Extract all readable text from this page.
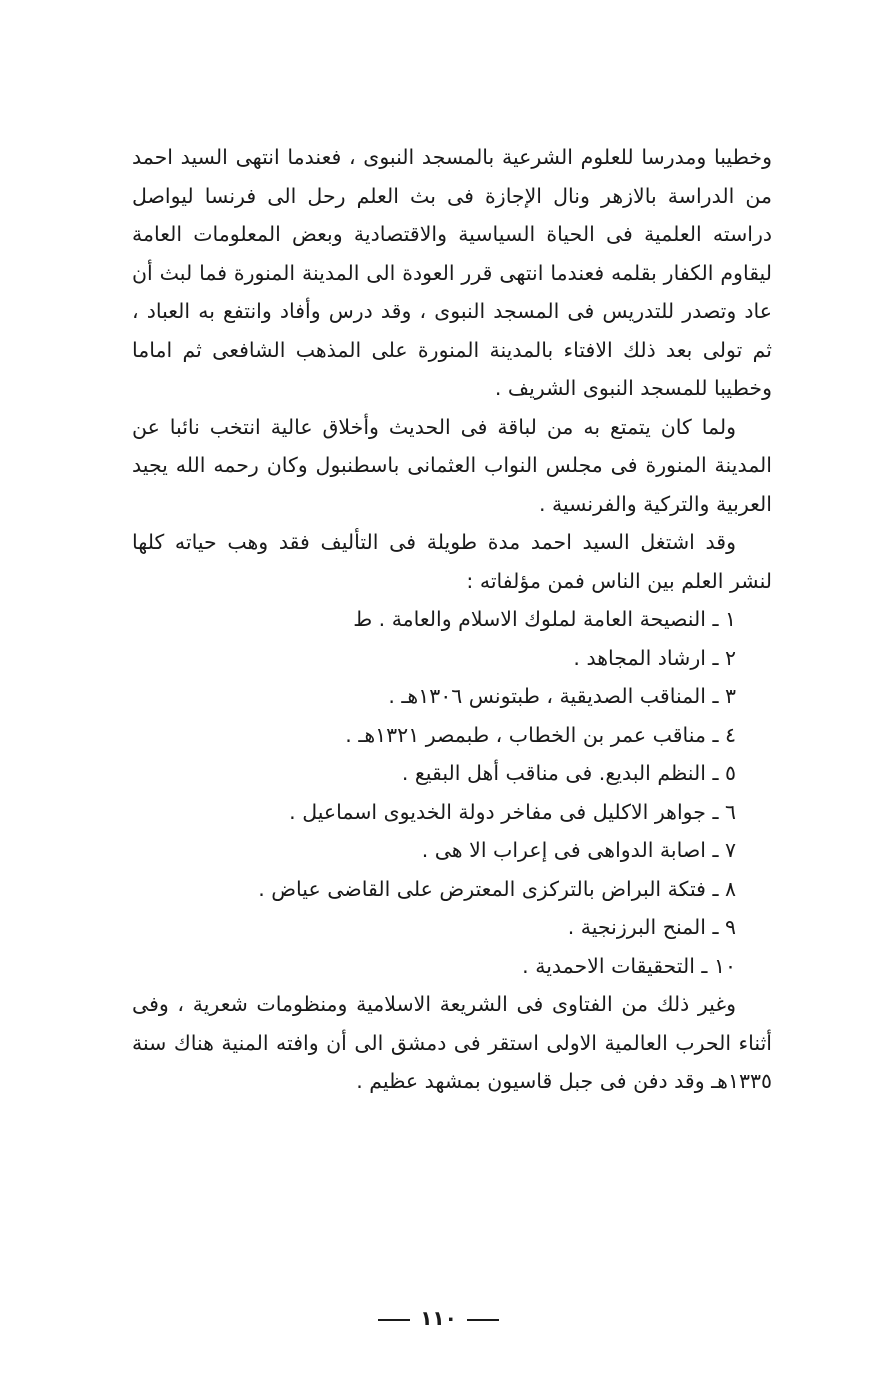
وخطيبا ومدرسا للعلوم الشرعية بالمسجد النبوى ، فعندما انتهى السيد احمد من الدراسة بالازهر ونال الإجازة فى بث العلم رحل الى فرنسا ليواصل دراسته العلمية فى الحياة السياسية والاقتصادية وبعض المعلومات العامة ليقاوم الكفار بقلمه فعندما انتهى قرر العودة الى المدينة المنورة فما لبث أن عاد وتصدر للتدريس فى المسجد النبوى ، وقد درس وأفاد وانتفع به العباد ، ثم تولى بعد ذلك الافتاء بالمدينة المنورة على المذهب الشافعى ثم اماما وخطيبا للمسجد النبوى الشريف .

ولما كان يتمتع به من لباقة فى الحديث وأخلاق عالية انتخب نائبا عن المدينة المنورة فى مجلس النواب العثمانى باسطنبول وكان رحمه الله يجيد العربية والتركية والفرنسية .

وقد اشتغل السيد احمد مدة طويلة فى التأليف فقد وهب حياته كلها لنشر العلم بين الناس فمن مؤلفاته :

١ ـ النصيحة العامة لملوك الاسلام والعامة . ط
٢ ـ ارشاد المجاهد .
٣ ـ المناقب الصديقية ، طبتونس ١٣٠٦هـ .
٤ ـ مناقب عمر بن الخطاب ، طبمصر ١٣٢١هـ .
٥ ـ النظم البديع. فى مناقب أهل البقيع .
٦ ـ جواهر الاكليل فى مفاخر دولة الخديوى اسماعيل .
٧ ـ اصابة الدواهى فى إعراب الا هى .
٨ ـ فتكة البراض بالتركزى المعترض على القاضى عياض .
٩ ـ المنح البرزنجية .
١٠ ـ التحقيقات الاحمدية .

وغير ذلك من الفتاوى فى الشريعة الاسلامية ومنظومات شعرية ، وفى أثناء الحرب العالمية الاولى استقر فى دمشق الى أن وافته المنية هناك سنة ١٣٣٥هـ وقد دفن فى جبل قاسيون بمشهد عظيم .

١١٠
